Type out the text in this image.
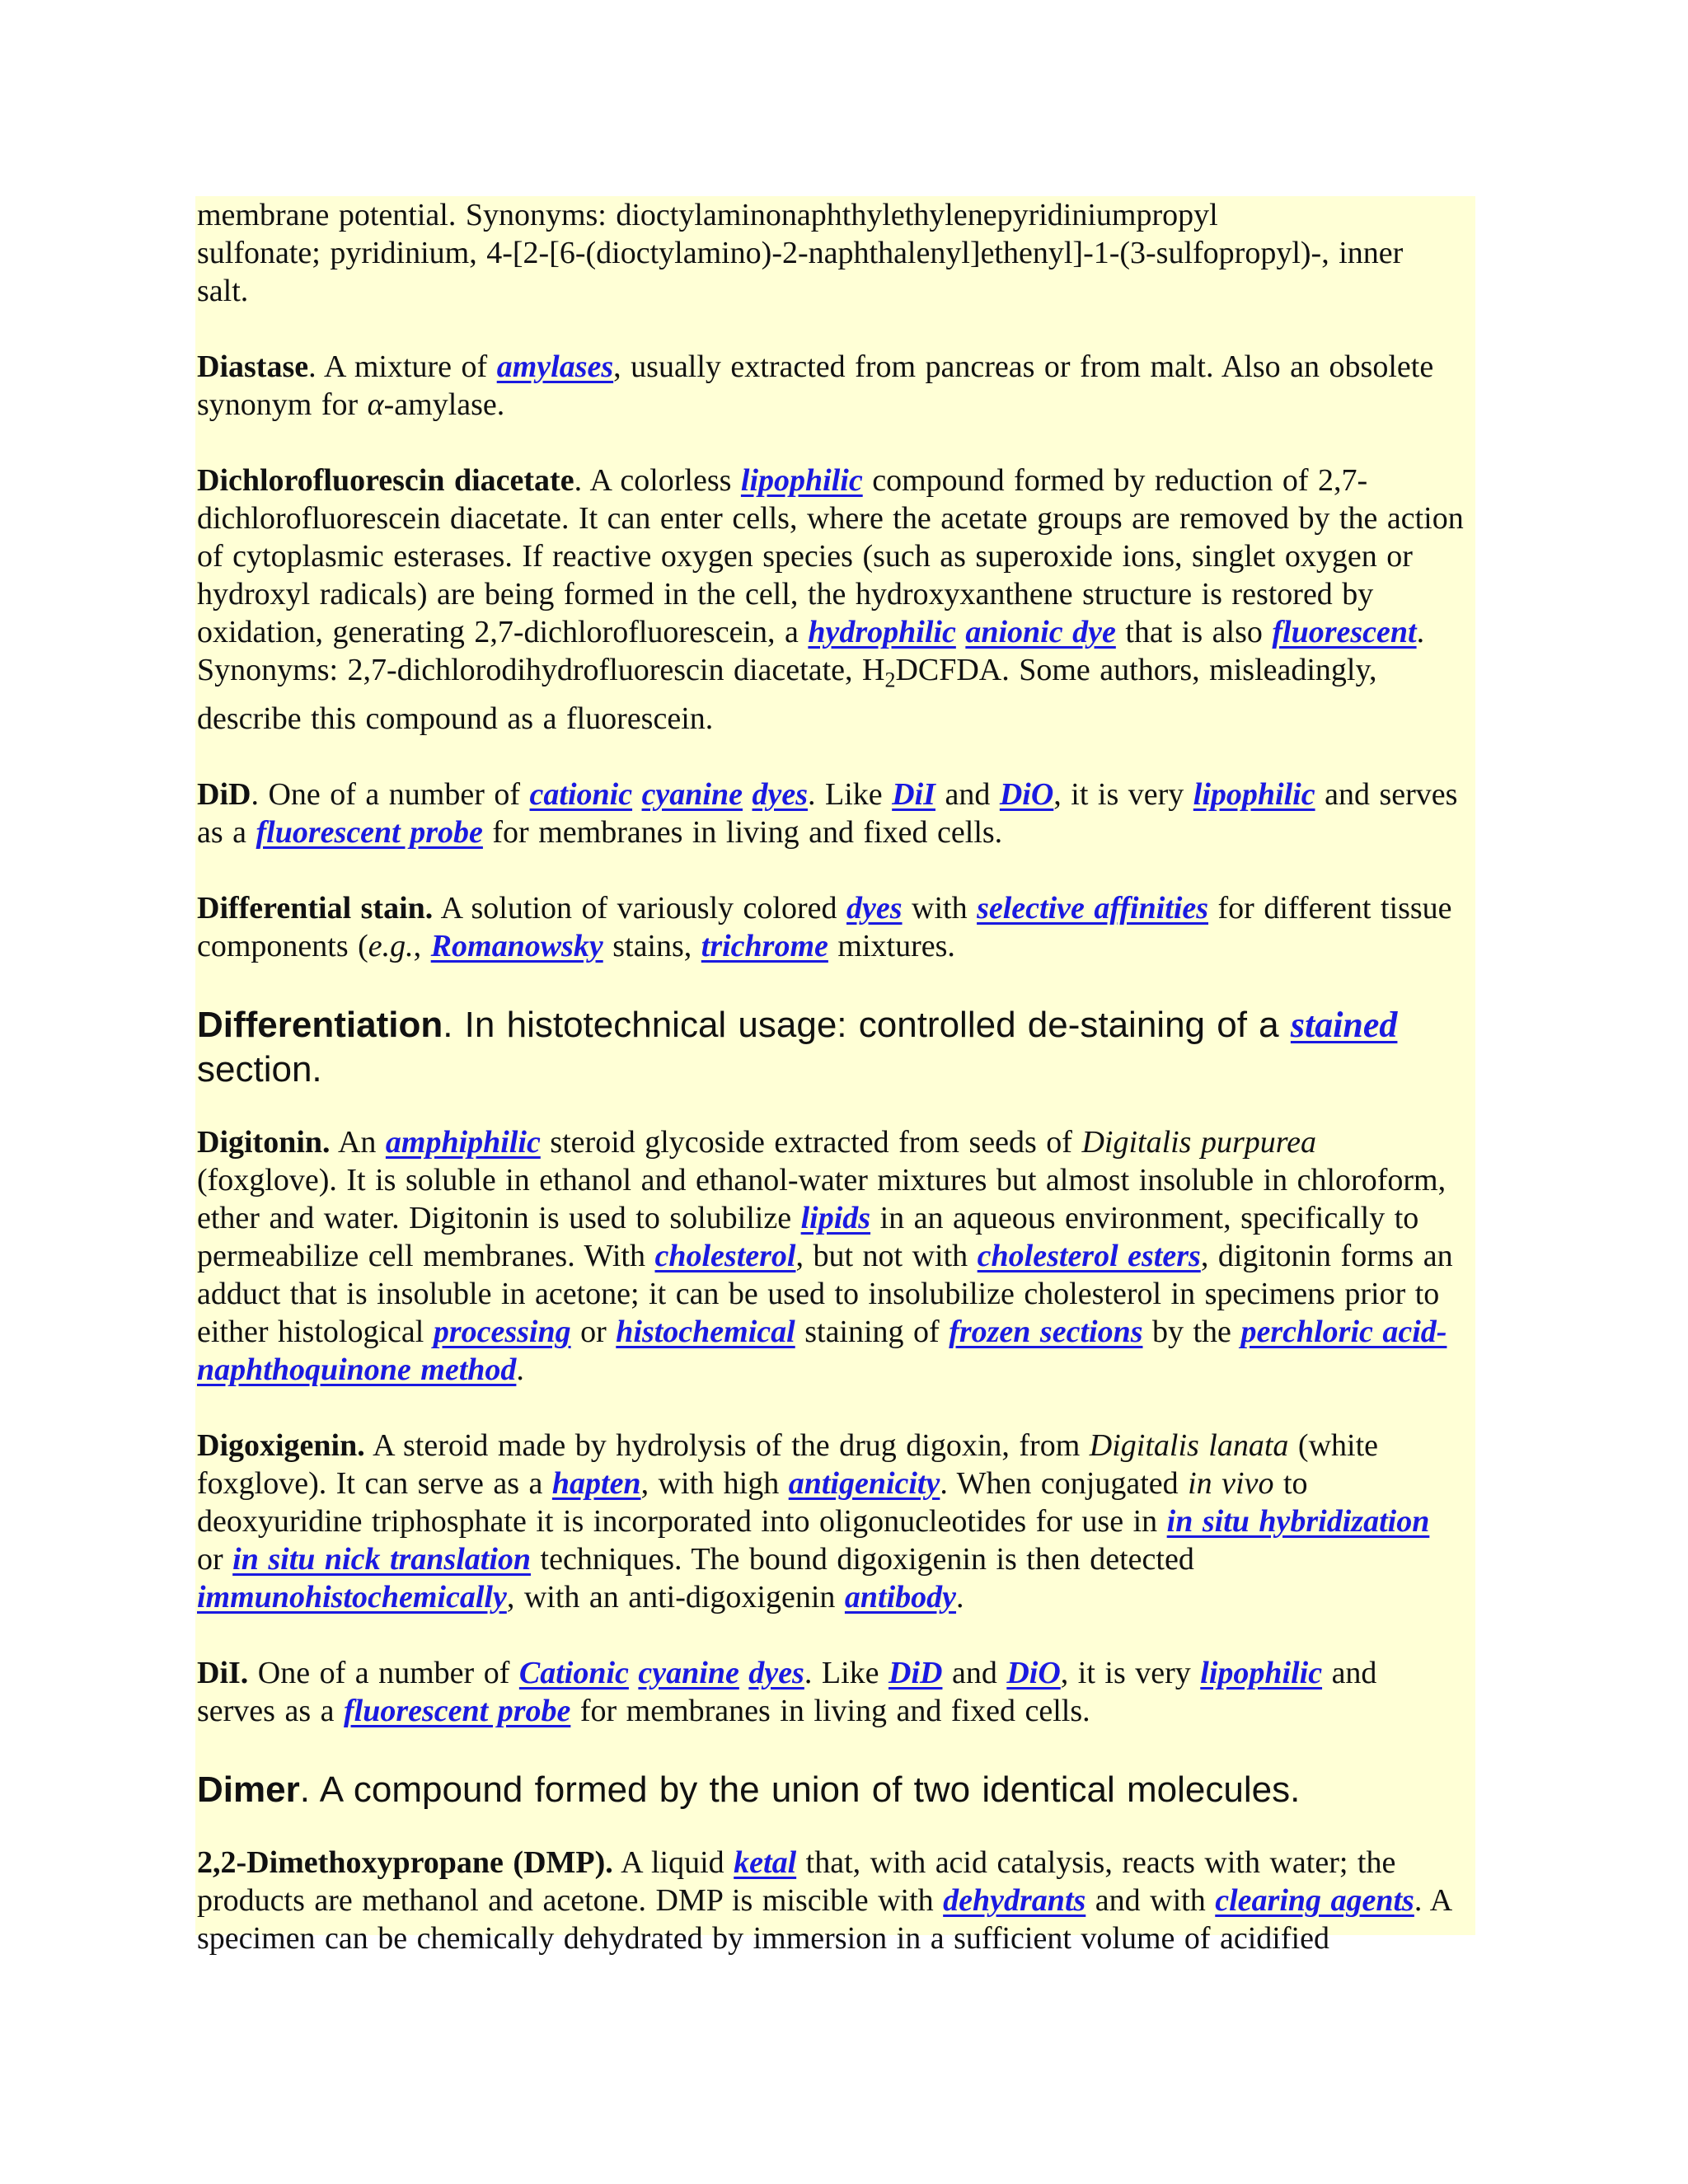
membrane potential. Synonyms: dioctylaminonaphthylethylenepyridiniumpropyl
sulfonate; pyridinium, 4-[2-[6-(dioctylamino)-2-naphthalenyl]ethenyl]-1-(3-sulfopropyl)-, inner
salt.

Diastase. A mixture of amylases, usually extracted from pancreas or from malt. Also an obsolete synonym for α-amylase.

Dichlorofluorescin diacetate. A colorless lipophilic compound formed by reduction of 2,7-dichlorofluorescein diacetate. It can enter cells, where the acetate groups are removed by the action of cytoplasmic esterases. If reactive oxygen species (such as superoxide ions, singlet oxygen or hydroxyl radicals) are being formed in the cell, the hydroxyxanthene structure is restored by oxidation, generating 2,7-dichlorofluorescein, a hydrophilic anionic dye that is also fluorescent. Synonyms: 2,7-dichlorodihydrofluorescin diacetate, $H_2DCFDA$. Some authors, misleadingly, describe this compound as a fluorescein.

DiD. One of a number of cationic cyanine dyes. Like DiI and DiO, it is very lipophilic and serves as a fluorescent probe for membranes in living and fixed cells.

Differential stain. A solution of variously colored dyes with selective affinities for different tissue components (e.g., Romanowsky stains, trichrome mixtures.

Differentiation. In histotechnical usage: controlled de-staining of a stained section.

Digitonin. An amphiphilic steroid glycoside extracted from seeds of Digitalis purpurea (foxglove). It is soluble in ethanol and ethanol-water mixtures but almost insoluble in chloroform, ether and water. Digitonin is used to solubilize lipids in an aqueous environment, specifically to permeabilize cell membranes. With cholesterol, but not with cholesterol esters, digitonin forms an adduct that is insoluble in acetone; it can be used to insolubilize cholesterol in specimens prior to either histological processing or histochemical staining of frozen sections by the perchloric acid-naphthoquinone method.

Digoxigenin. A steroid made by hydrolysis of the drug digoxin, from Digitalis lanata (white foxglove). It can serve as a hapten, with high antigenicity. When conjugated in vivo to deoxyuridine triphosphate it is incorporated into oligonucleotides for use in in situ hybridization or in situ nick translation techniques. The bound digoxigenin is then detected immunohistochemically, with an anti-digoxigenin antibody.

DiI. One of a number of Cationic cyanine dyes. Like DiD and DiO, it is very lipophilic and serves as a fluorescent probe for membranes in living and fixed cells.

Dimer. A compound formed by the union of two identical molecules.

2,2-Dimethoxypropane (DMP). A liquid ketal that, with acid catalysis, reacts with water; the products are methanol and acetone. DMP is miscible with dehydrants and with clearing agents. A specimen can be chemically dehydrated by immersion in a sufficient volume of acidified
